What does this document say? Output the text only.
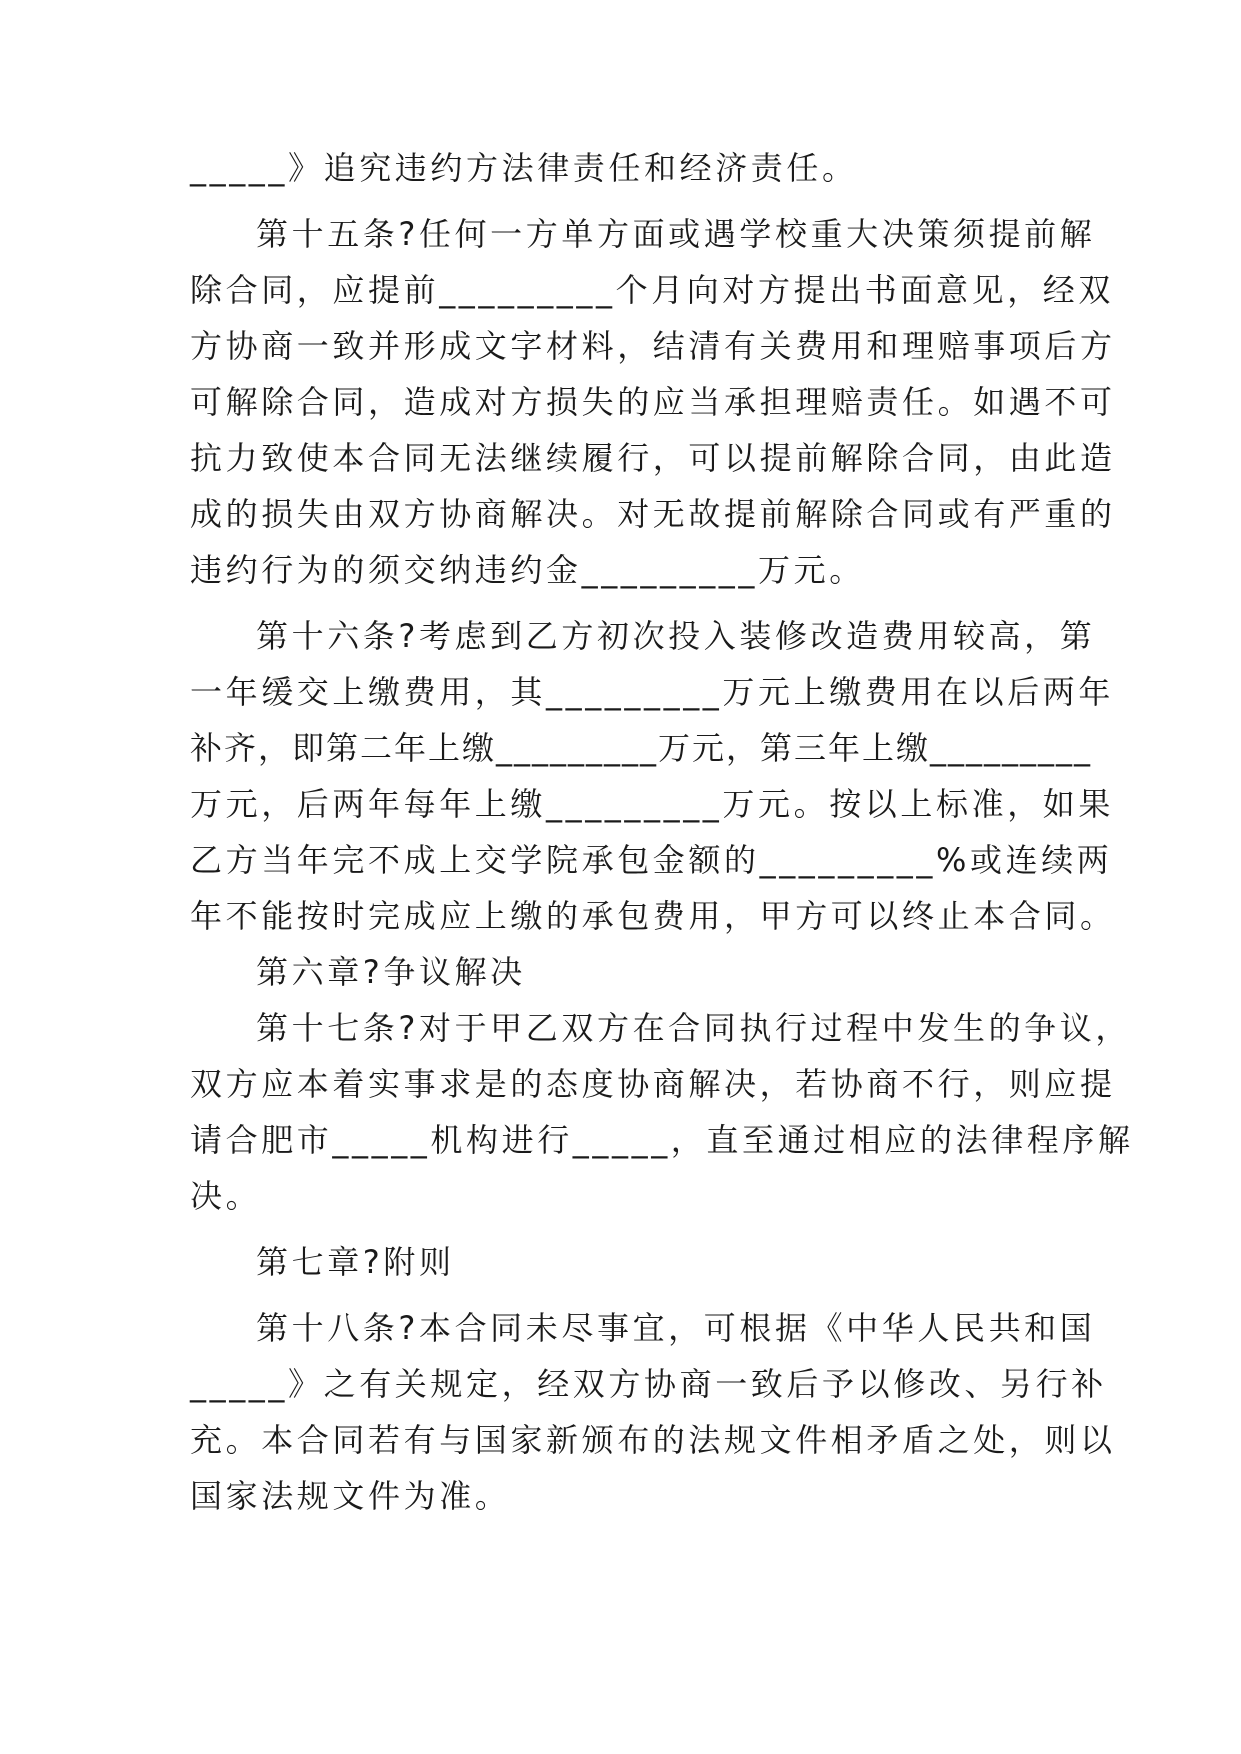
_____》追究违约方法律责任和经济责任。
第十五条?任何一方单方面或遇学校重大决策须提前解
除合同，应提前_________个月向对方提出书面意见，经双
方协商一致并形成文字材料，结清有关费用和理赔事项后方
可解除合同，造成对方损失的应当承担理赔责任。如遇不可
抗力致使本合同无法继续履行，可以提前解除合同，由此造
成的损失由双方协商解决。对无故提前解除合同或有严重的
违约行为的须交纳违约金_________万元。
第十六条?考虑到乙方初次投入装修改造费用较高，第
一年缓交上缴费用，其_________万元上缴费用在以后两年
补齐，即第二年上缴_________万元，第三年上缴_________
万元，后两年每年上缴_________万元。按以上标准，如果
乙方当年完不成上交学院承包金额的_________%或连续两
年不能按时完成应上缴的承包费用，甲方可以终止本合同。
第六章?争议解决
第十七条?对于甲乙双方在合同执行过程中发生的争议，
双方应本着实事求是的态度协商解决，若协商不行，则应提
请合肥市_____机构进行_____，直至通过相应的法律程序解
决。
第七章?附则
第十八条?本合同未尽事宜，可根据《中华人民共和国
_____》之有关规定，经双方协商一致后予以修改、另行补
充。本合同若有与国家新颁布的法规文件相矛盾之处，则以
国家法规文件为准。
